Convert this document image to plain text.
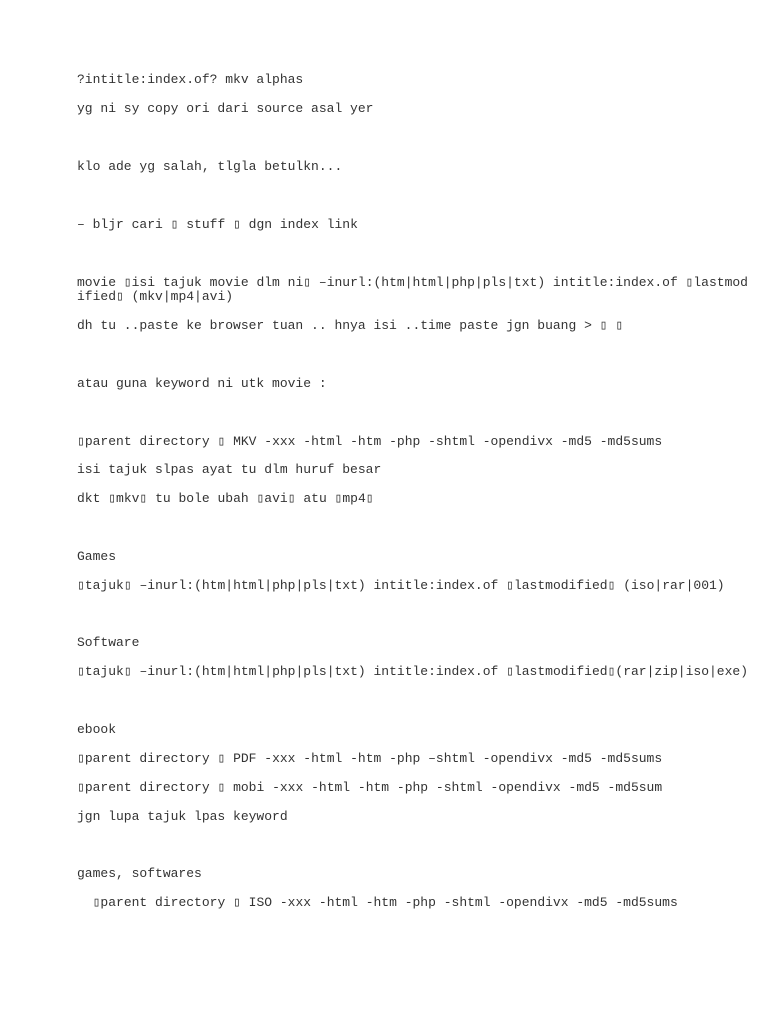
?intitle:index.of? mkv alphas

yg ni sy copy ori dari source asal yer

klo ade yg salah, tlgla betulkn...

– bljr cari ▯ stuff ▯ dgn index link

movie ▯isi tajuk movie dlm ni▯ –inurl:(htm|html|php|pls|txt) intitle:index.of ▯lastmod

ified▯ (mkv|mp4|avi)

dh tu ..paste ke browser tuan .. hnya isi ..time paste jgn buang > ▯ ▯

atau guna keyword ni utk movie :

▯parent directory ▯ MKV -xxx -html -htm -php -shtml -opendivx -md5 -md5sums

isi tajuk slpas ayat tu dlm huruf besar

dkt ▯mkv▯ tu bole ubah ▯avi▯ atu ▯mp4▯

Games

▯tajuk▯ –inurl:(htm|html|php|pls|txt) intitle:index.of ▯lastmodified▯ (iso|rar|001)

Software

▯tajuk▯ –inurl:(htm|html|php|pls|txt) intitle:index.of ▯lastmodified▯(rar|zip|iso|exe)

ebook

▯parent directory ▯ PDF -xxx -html -htm -php –shtml -opendivx -md5 -md5sums

▯parent directory ▯ mobi -xxx -html -htm -php -shtml -opendivx -md5 -md5sum

jgn lupa tajuk lpas keyword

games, softwares

▯parent directory ▯ ISO -xxx -html -htm -php -shtml -opendivx -md5 -md5sums
